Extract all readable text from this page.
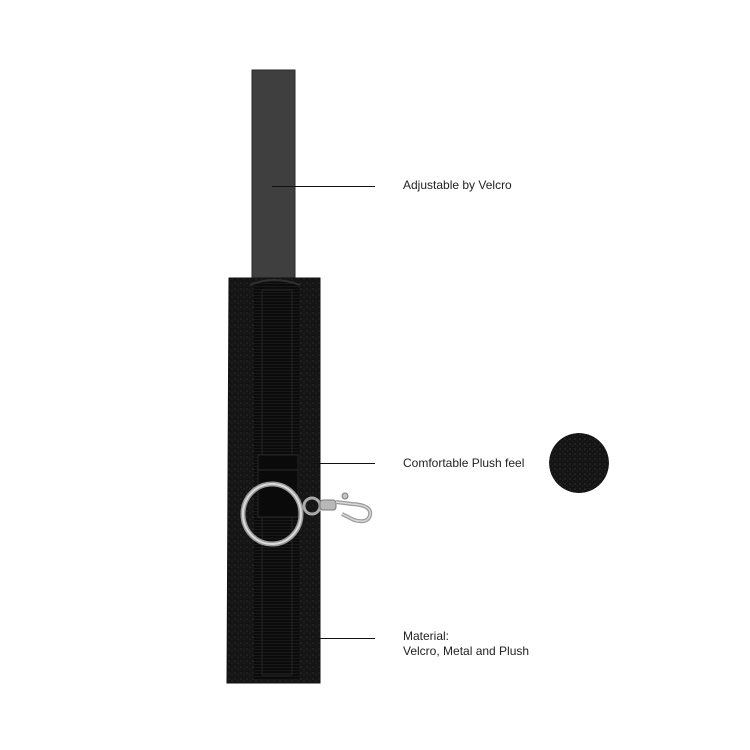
Adjustable by Velcro
Comfortable Plush feel
Material:
Velcro, Metal and Plush
